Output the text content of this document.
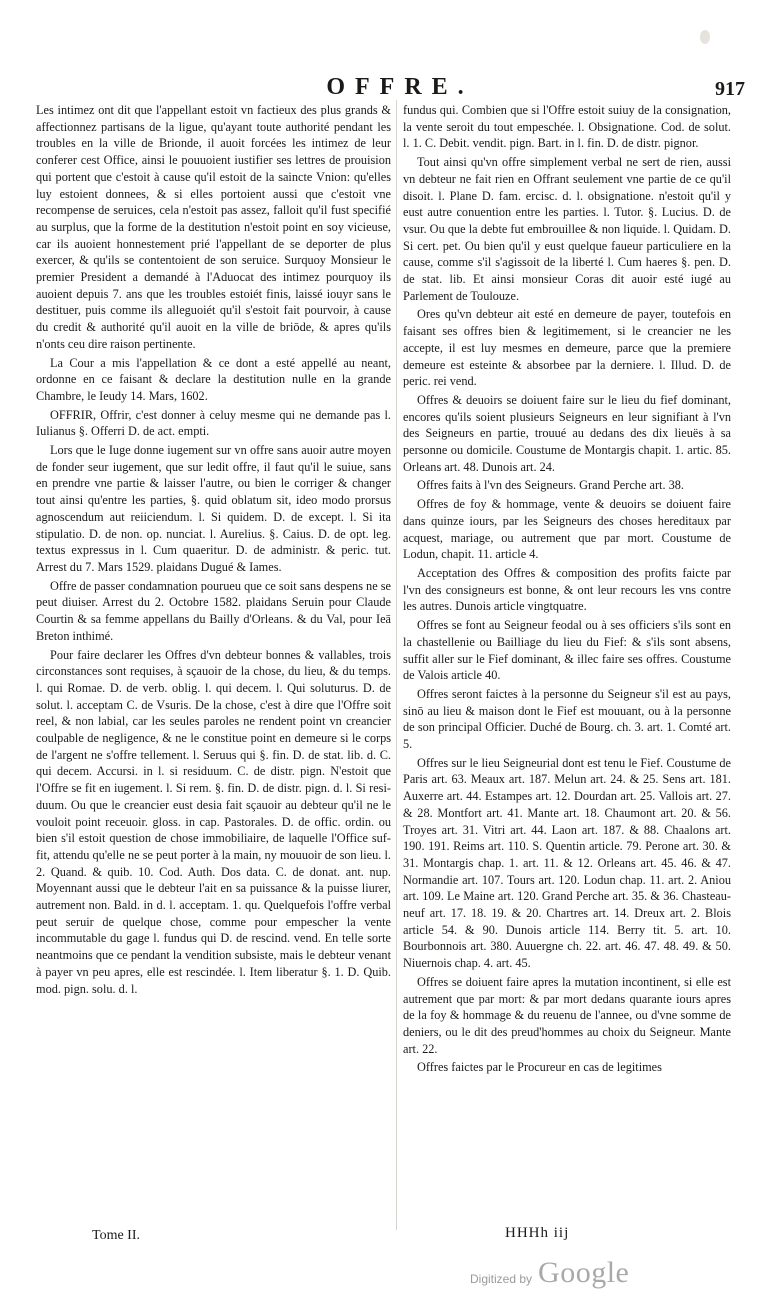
OFFRE.	917

Les intimez ont dit que l'appellant estoit vn factieux des plus grands & affectionnez partisans de la ligue, qu'ayant toute authorité pendant les troubles en la ville de Brionde, il auoit forcées les intimez de leur conferer cest Office, ainsi le pouuoient iustifier ses lettres de prouision qui portent que c'estoit à cause qu'il estoit de la saincte Vnion: qu'elles luy estoient donnees, & si elles portoient aussi que c'estoit vne recompense de seruices, cela n'estoit pas assez, falloit qu'il fust specifié au surplus, que la forme de la destitution n'estoit point en soy vicieuse, car ils auoient honnestement prié l'appellant de se deporter de plus exercer, & qu'ils se contentoient de son seruice. Surquoy Monsieur le premier President a demandé à l'Aduocat des intimez pourquoy ils auoient depuis 7. ans que les troubles estoiét finis, laissé iouyr sans le destituer, puis comme ils alleguoiét qu'il s'estoit fait pourvoir, à cause du credit & authorité qu'il auoit en la ville de briōde, & apres qu'ils n'onts ceu dire raison pertinente.

La Cour a mis l'appellation & ce dont a esté appellé au neant, ordonne en ce faisant & declare la destitution nulle en la grande Chambre, le Ieudy 14. Mars, 1602.

OFFRIR, Offrir, c'est donner à celuy mesme qui ne demande pas l. Iulianus §. Offerri D. de act. empti.

Lors que le Iuge donne iugement sur vn offre sans auoir autre moyen de fonder seur iugement, que sur ledit offre, il faut qu'il le suiue, sans en prendre vne partie & laisser l'autre, ou bien le corriger & changer tout ainsi qu'entre les parties, §. quid oblatum sit, ideo modo prorsus agnoscendum aut reiiciendum. l. Si quidem. D. de except. l. Si ita stipulatio. D. de non. op. nunciat. l. Aurelius. §. Caius. D. de opt. leg. textus expressus in l. Cum quaeritur. D. de administr. & peric. tut. Arrest du 7. Mars 1529. plaidans Dugué & Iames.

Offre de passer condamnation pourueu que ce soit sans despens ne se peut diuiser. Arrest du 2. Octobre 1582. plaidans Seruin pour Claude Courtin & sa femme appellans du Bailly d'Orleans. & du Val, pour Ieā Breton inthimé.

Pour faire declarer les Offres d'vn debteur bonnes & vallables, trois circonstances sont requises, à sçauoir de la chose, du lieu, & du temps. l. qui Romae. D. de verb. oblig. l. qui decem. l. Qui soluturus. D. de solut. l. acceptam C. de Vsuris. De la chose, c'est à dire que l'Offre soit reel, & non labial, car les seules paroles ne rendent point vn creancier coulpable de negligence, & ne le constitue point en demeure si le corps de l'argent ne s'offre tellement. l. Seruus qui §. fin. D. de stat. lib. d. C. qui decem. Accursi. in l. si residuum. C. de distr. pign. N'estoit que l'Offre se fit en iugement. l. Si rem. §. fin. D. de distr. pign. d. l. Si residuum. Ou que le creancier eust desia fait sçauoir au debteur qu'il ne le vouloit point receuoir. gloss. in cap. Pastorales. D. de offic. ordin. ou bien s'il estoit question de chose immobiliaire, de laquelle l'Office suffit, attendu qu'elle ne se peut porter à la main, ny mouuoir de son lieu. l. 2. Quand. & quib. 10. Cod. Auth. Dos data. C. de donat. ant. nup. Moyennant aussi que le debteur l'ait en sa puissance & la puisse liurer, autrement non. Bald. in d. l. acceptam. 1. qu. Quelquefois l'offre verbal peut seruir de quelque chose, comme pour empescher la vente incommutable du gage l. fundus qui D. de rescind. vend. En telle sorte neantmoins que ce pendant la vendition subsiste, mais le debteur venant à payer vn peu apres, elle est rescindée. l. Item liberatur §. 1. D. Quib. mod. pign. solu. d. l.

fundus qui. Combien que si l'Offre estoit suiuy de la consignation, la vente seroit du tout empeschée. l. Obsignatione. Cod. de solut. l. 1. C. Debit. vendit. pign. Bart. in l. fin. D. de distr. pignor.

Tout ainsi qu'vn offre simplement verbal ne sert de rien, aussi vn debteur ne fait rien en Offrant seulement vne partie de ce qu'il disoit. l. Plane D. fam. ercisc. d. l. obsignatione. n'estoit qu'il y eust autre conuention entre les parties. l. Tutor. §. Lucius. D. de vsur. Ou que la debte fut embrouillee & non liquide. l. Quidam. D. Si cert. pet. Ou bien qu'il y eust quelque faueur particuliere en la cause, comme s'il s'agissoit de la liberté l. Cum haeres §. pen. D. de stat. lib. Et ainsi monsieur Coras dit auoir esté iugé au Parlement de Toulouze.

Ores qu'vn debteur ait esté en demeure de payer, toutefois en faisant ses offres bien & legitimement, si le creancier ne les accepte, il est luy mesmes en demeure, parce que la premiere demeure est esteinte & absorbee par la derniere. l. Illud. D. de peric. rei vend.

Offres & deuoirs se doiuent faire sur le lieu du fief dominant, encores qu'ils soient plusieurs Seigneurs en leur signifiant à l'vn des Seigneurs en partie, trouué au dedans des dix lieuës à sa personne ou domicile. Coustume de Montargis chapit. 1. artic. 85. Orleans art. 48. Dunois art. 24.

Offres faits à l'vn des Seigneurs. Grand Perche art. 38.

Offres de foy & hommage, vente & deuoirs se doiuent faire dans quinze iours, par les Seigneurs des choses hereditaux par acquest, mariage, ou autrement que par mort. Coustume de Lodun, chapit. 11. article 4.

Acceptation des Offres & composition des profits faicte par l'vn des consigneurs est bonne, & ont leur recours les vns contre les autres. Dunois article vingtquatre.

Offres se font au Seigneur feodal ou à ses officiers s'ils sont en la chastellenie ou Bailliage du lieu du Fief: & s'ils sont absens, suffit aller sur le Fief dominant, & illec faire ses offres. Coustume de Valois article 40.

Offres seront faictes à la personne du Seigneur s'il est au pays, sinō au lieu & maison dont le Fief est mouuant, ou à la personne de son principal Officier. Duché de Bourg. ch. 3. art. 1. Comté art. 5.

Offres sur le lieu Seigneurial dont est tenu le Fief. Coustume de Paris art. 63. Meaux art. 187. Melun art. 24. & 25. Sens art. 181. Auxerre art. 44. Estampes art. 12. Dourdan art. 25. Vallois art. 27. & 28. Montfort art. 41. Mante art. 18. Chaumont art. 20. & 56. Troyes art. 31. Vitri art. 44. Laon art. 187. & 88. Chaalons art. 190. 191. Reims art. 110. S. Quentin article. 79. Perone art. 30. & 31. Montargis chap. 1. art. 11. & 12. Orleans art. 45. 46. & 47. Normandie art. 107. Tours art. 120. Lodun chap. 11. art. 2. Aniou art. 109. Le Maine art. 120. Grand Perche art. 35. & 36. Chasteauneuf art. 17. 18. 19. & 20. Chartres art. 14. Dreux art. 2. Blois article 54. & 90. Dunois article 114. Berry tit. 5. art. 10. Bourbonnois art. 380. Auuergne ch. 22. art. 46. 47. 48. 49. & 50. Niuernois chap. 4. art. 45.

Offres se doiuent faire apres la mutation incontinent, si elle est autrement que par mort: & par mort dedans quarante iours apres de la foy & hommage & du reuenu de l'annee, ou d'vne somme de deniers, ou le dit des preud'hommes au choix du Seigneur. Mante art. 22.

Offres faictes par le Procureur en cas de legitimes

Tome II.	HHHh iij
Digitized by Google
